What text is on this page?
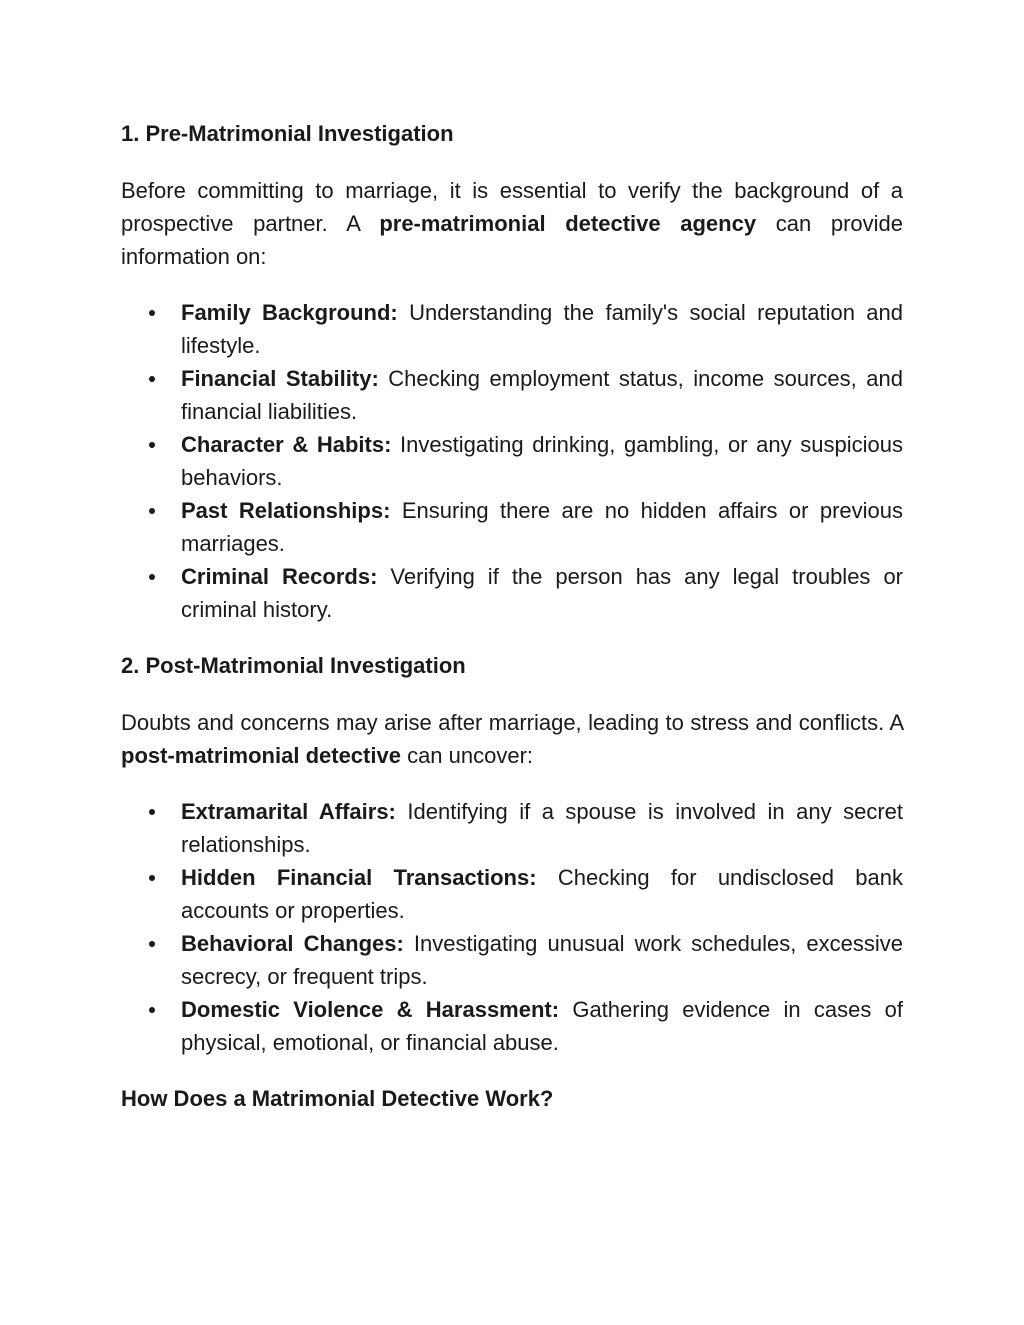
1. Pre-Matrimonial Investigation

Before committing to marriage, it is essential to verify the background of a prospective partner. A pre-matrimonial detective agency can provide information on:

Family Background: Understanding the family's social reputation and lifestyle.
Financial Stability: Checking employment status, income sources, and financial liabilities.
Character & Habits: Investigating drinking, gambling, or any suspicious behaviors.
Past Relationships: Ensuring there are no hidden affairs or previous marriages.
Criminal Records: Verifying if the person has any legal troubles or criminal history.
2. Post-Matrimonial Investigation

Doubts and concerns may arise after marriage, leading to stress and conflicts. A post-matrimonial detective can uncover:

Extramarital Affairs: Identifying if a spouse is involved in any secret relationships.
Hidden Financial Transactions: Checking for undisclosed bank accounts or properties.
Behavioral Changes: Investigating unusual work schedules, excessive secrecy, or frequent trips.
Domestic Violence & Harassment: Gathering evidence in cases of physical, emotional, or financial abuse.
How Does a Matrimonial Detective Work?
